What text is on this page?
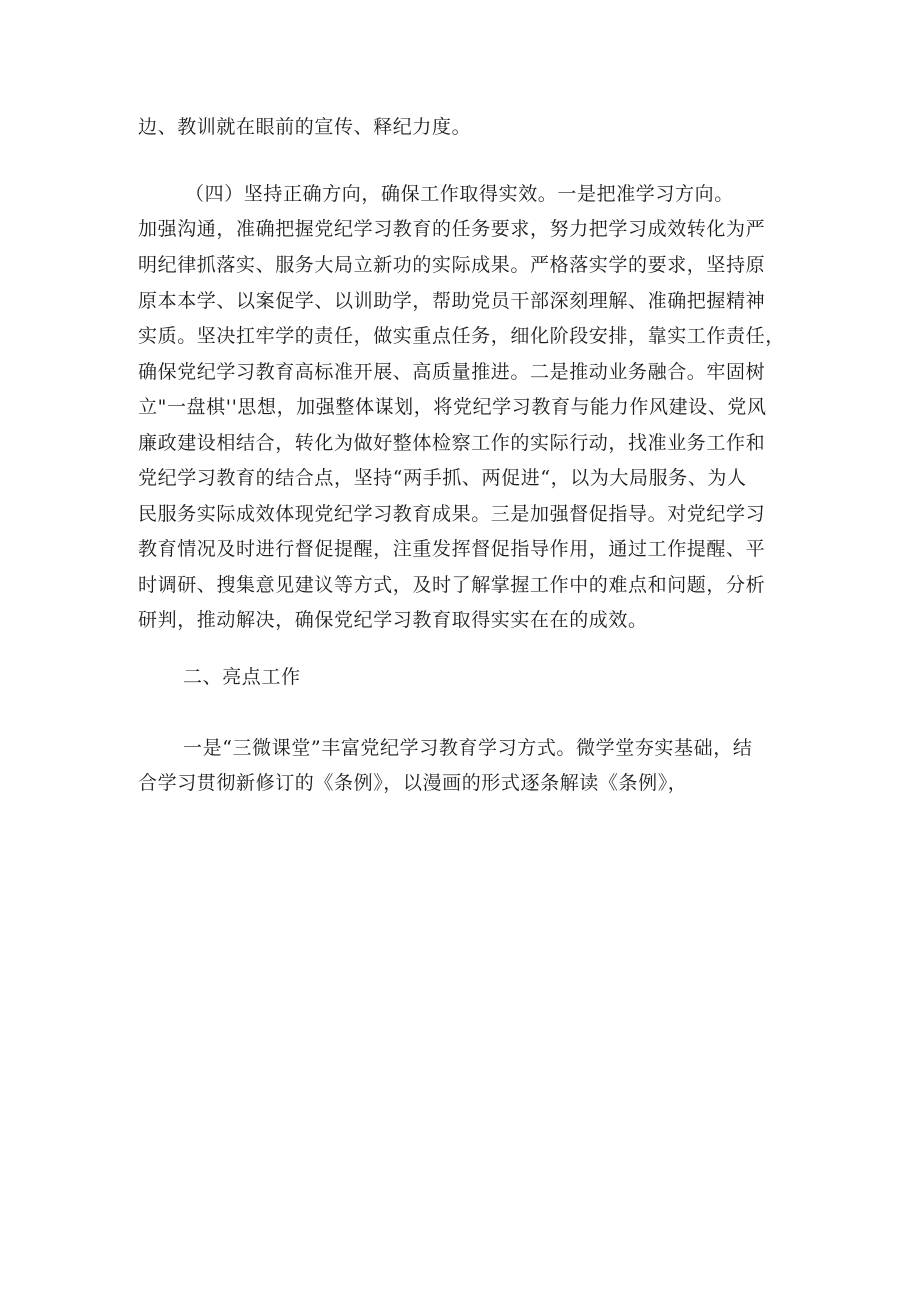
边、教训就在眼前的宣传、释纪力度。
（四）坚持正确方向，确保工作取得实效。一是把准学习方向。
加强沟通，准确把握党纪学习教育的任务要求，努力把学习成效转化为严
明纪律抓落实、服务大局立新功的实际成果。严格落实学的要求，坚持原
原本本学、以案促学、以训助学，帮助党员干部深刻理解、准确把握精神
实质。坚决扛牢学的责任，做实重点任务，细化阶段安排，靠实工作责任，
确保党纪学习教育高标准开展、高质量推进。二是推动业务融合。牢固树
立"一盘棋''思想，加强整体谋划，将党纪学习教育与能力作风建设、党风
廉政建设相结合，转化为做好整体检察工作的实际行动，找准业务工作和
党纪学习教育的结合点，坚持“两手抓、两促进“，以为大局服务、为人
民服务实际成效体现党纪学习教育成果。三是加强督促指导。对党纪学习
教育情况及时进行督促提醒，注重发挥督促指导作用，通过工作提醒、平
时调研、搜集意见建议等方式，及时了解掌握工作中的难点和问题，分析
研判，推动解决，确保党纪学习教育取得实实在在的成效。
二、亮点工作
一是“三微课堂”丰富党纪学习教育学习方式。微学堂夯实基础，结
合学习贯彻新修订的《条例》，以漫画的形式逐条解读《条例》，
